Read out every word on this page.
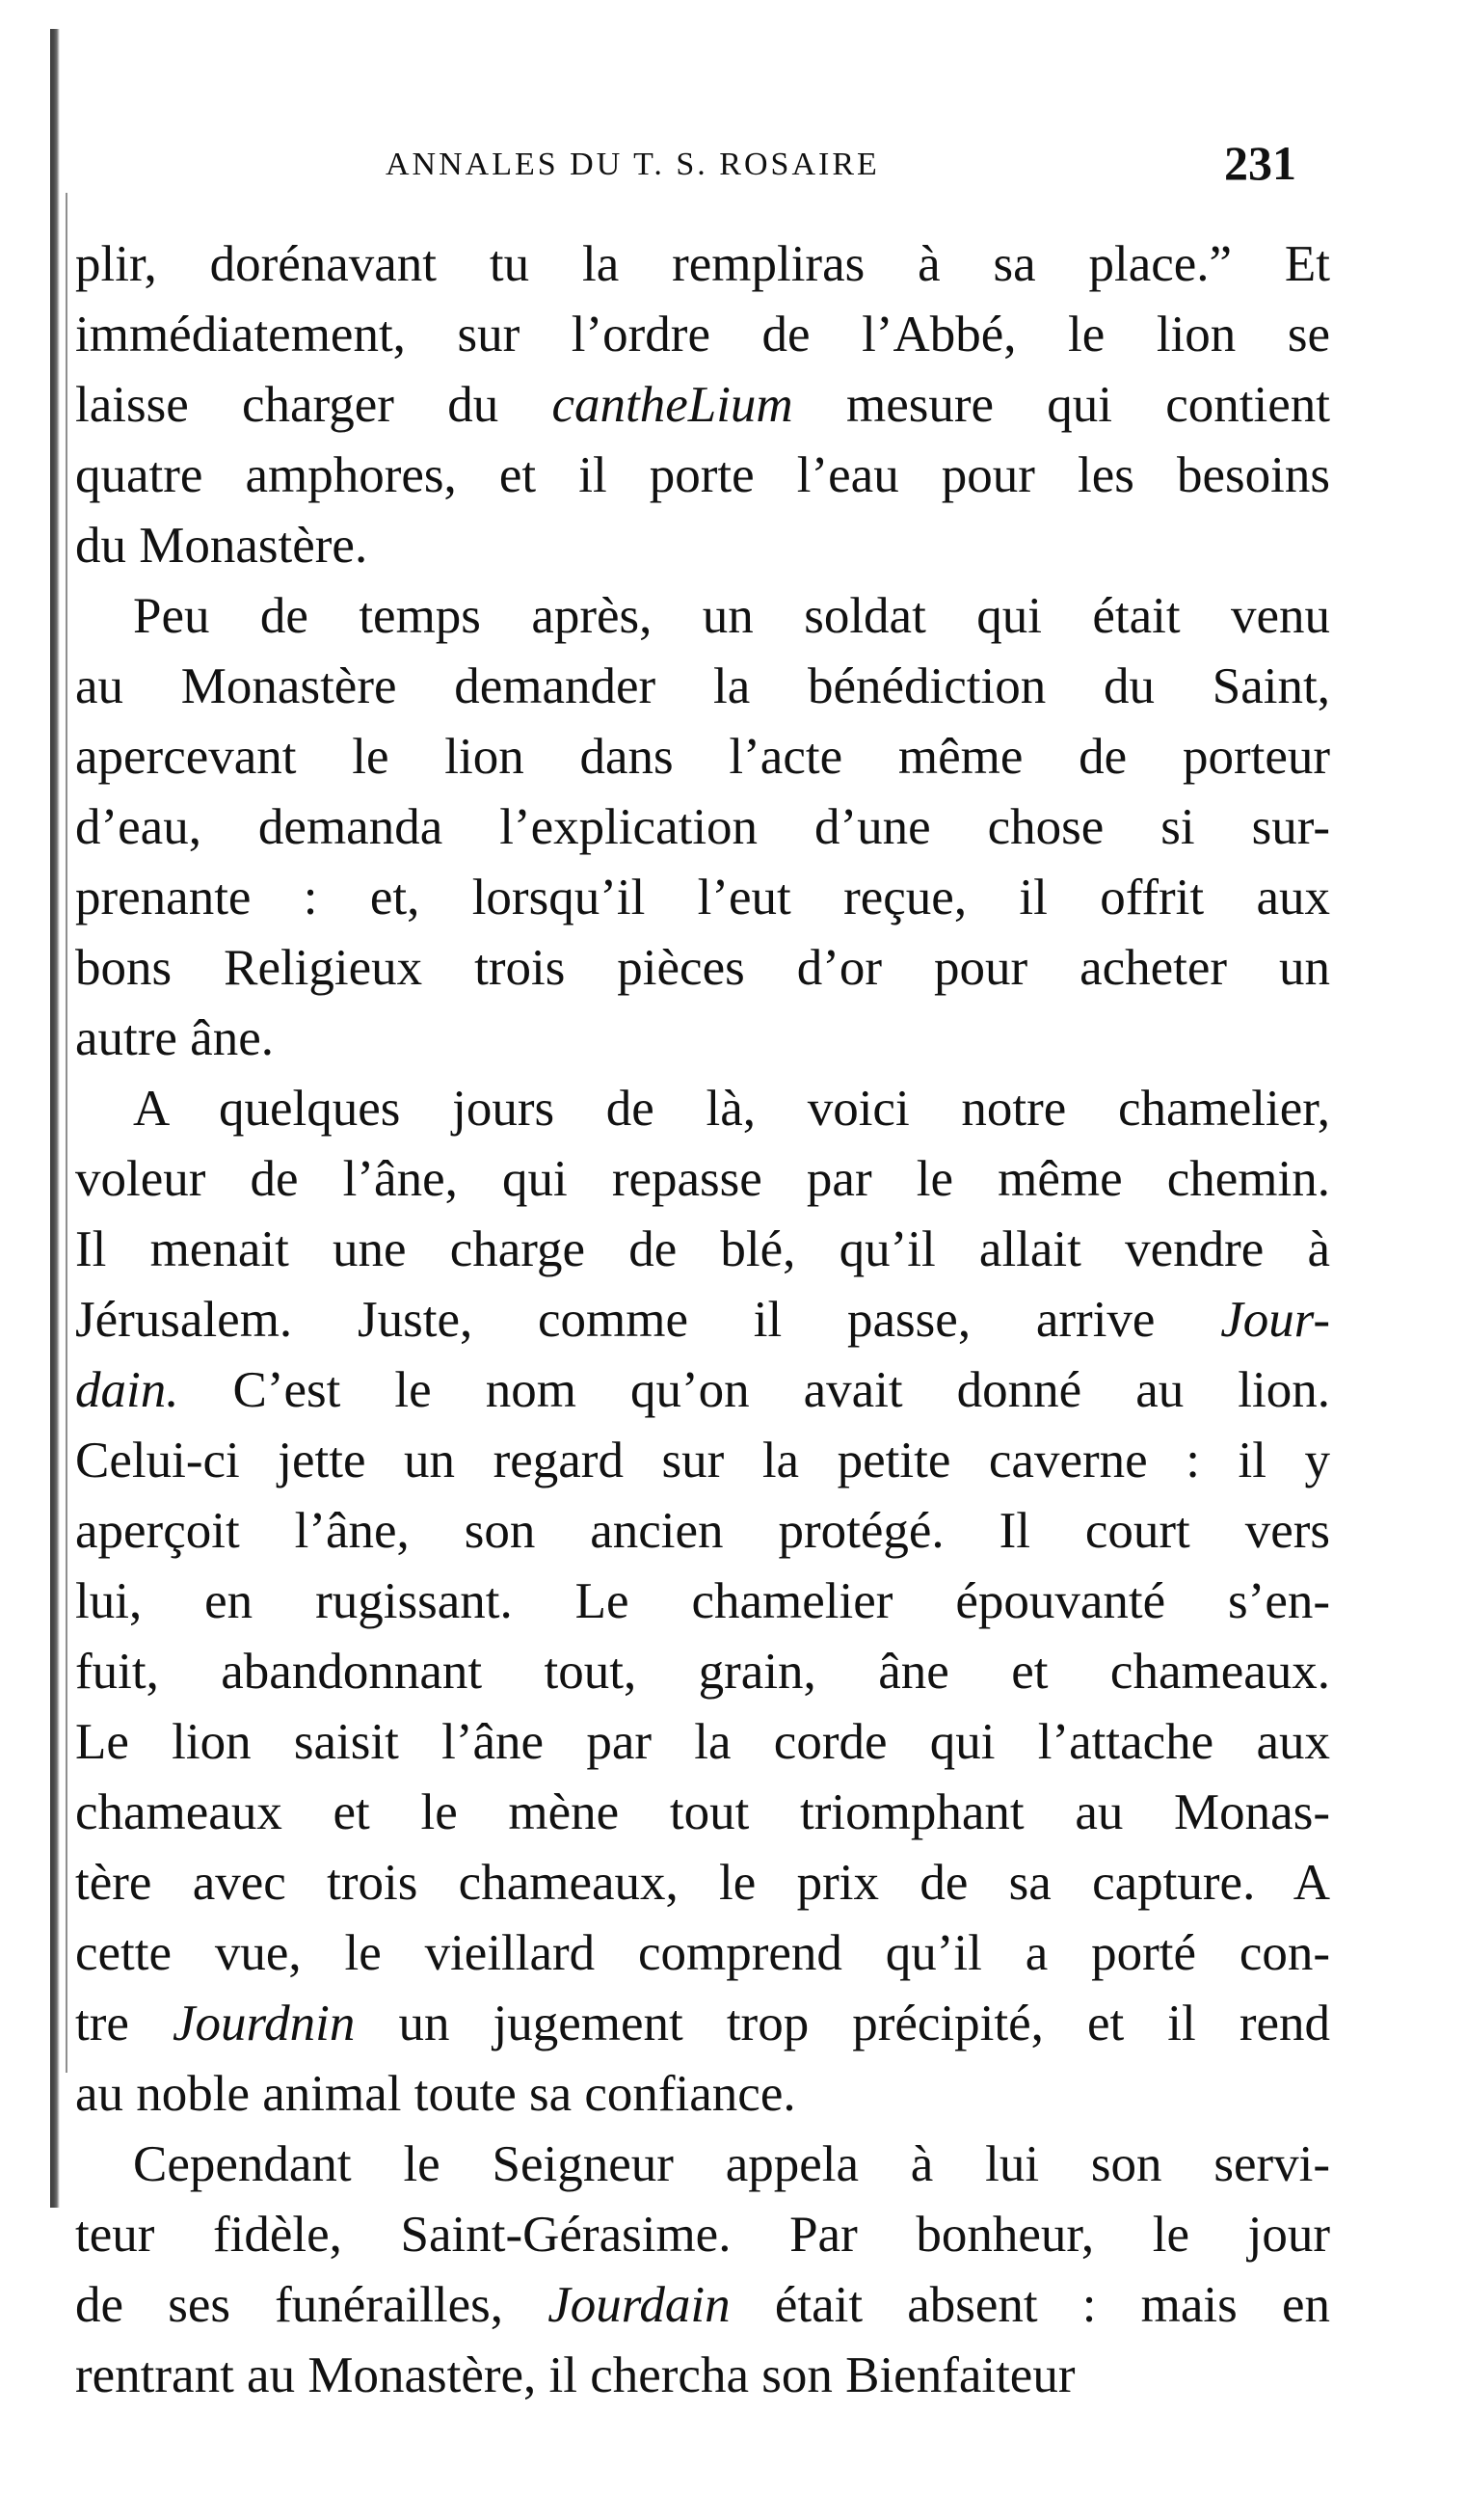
ANNALES DU T. S. ROSAIRE	231
plir, dorénavant tu la rempliras à sa place.” Et
immédiatement, sur l’ordre de l’Abbé, le lion se
laisse charger du cantheLium mesure qui contient
quatre amphores, et il porte l’eau pour les besoins
du Monastère.
Peu de temps après, un soldat qui était venu
au Monastère demander la bénédiction du Saint,
apercevant le lion dans l’acte même de porteur
d’eau, demanda l’explication d’une chose si sur-
prenante : et, lorsqu’il l’eut reçue, il offrit aux
bons Religieux trois pièces d’or pour acheter un
autre âne.
A quelques jours de là, voici notre chamelier,
voleur de l’âne, qui repasse par le même chemin.
Il menait une charge de blé, qu’il allait vendre à
Jérusalem. Juste, comme il passe, arrive Jour-
dain. C’est le nom qu’on avait donné au lion.
Celui-ci jette un regard sur la petite caverne : il y
aperçoit l’âne, son ancien protégé. Il court vers
lui, en rugissant. Le chamelier épouvanté s’en-
fuit, abandonnant tout, grain, âne et chameaux.
Le lion saisit l’âne par la corde qui l’attache aux
chameaux et le mène tout triomphant au Monas-
tère avec trois chameaux, le prix de sa capture. A
cette vue, le vieillard comprend qu’il a porté con-
tre Jourdnin un jugement trop précipité, et il rend
au noble animal toute sa confiance.
Cependant le Seigneur appela à lui son servi-
teur fidèle, Saint-Gérasime. Par bonheur, le jour
de ses funérailles, Jourdain était absent : mais en
rentrant au Monastère, il chercha son Bienfaiteur
